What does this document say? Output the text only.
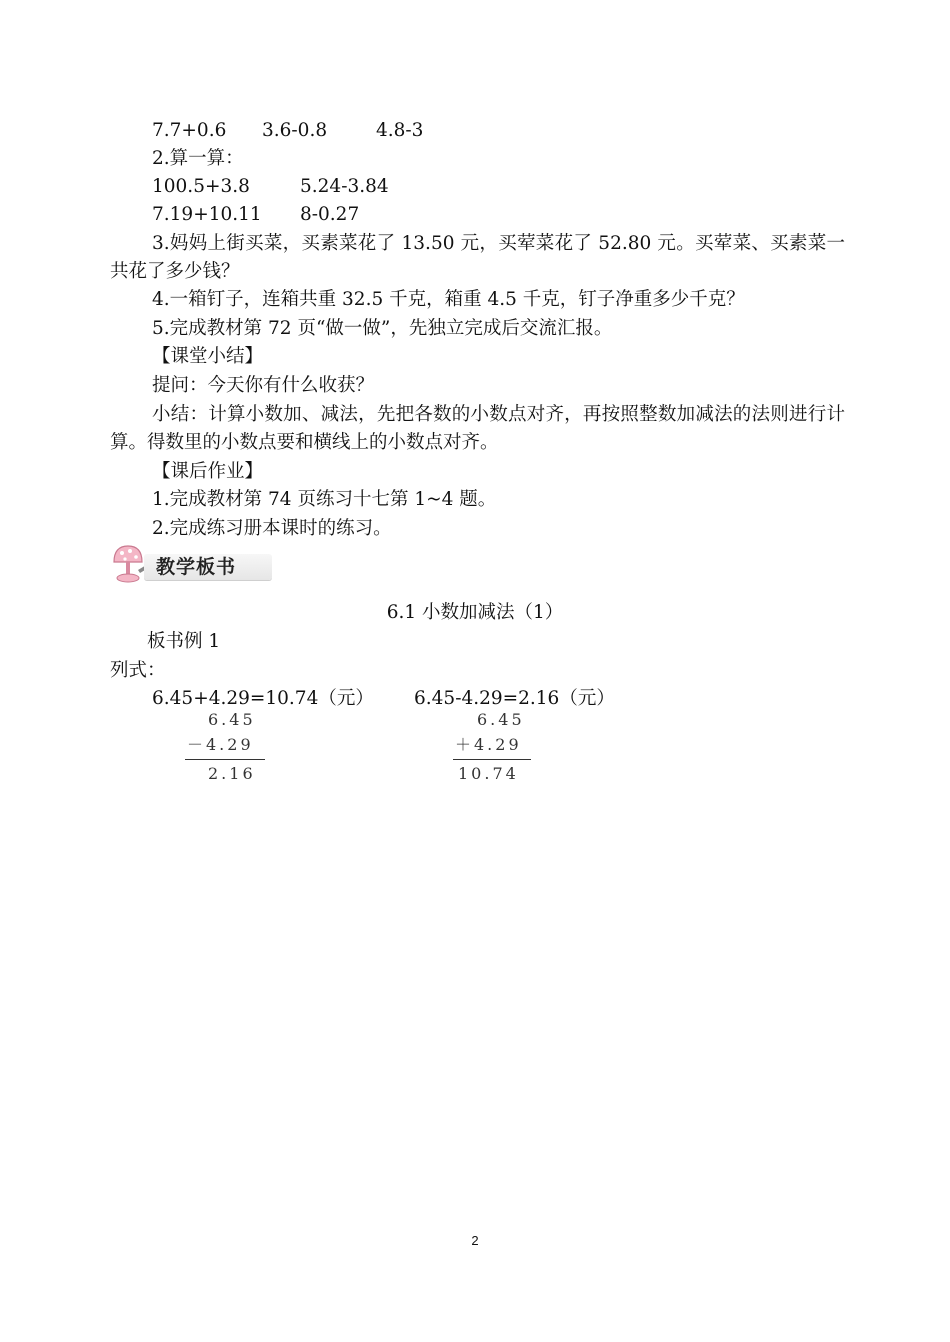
7.7+0.6 3.6-0.8	4.8-3
2.算一算：
100.5+3.8	5.24-3.84
7.19+10.11 8-0.27
3.妈妈上街买菜，买素菜花了 13.50 元，买荤菜花了 52.80 元。买荤菜、买素菜一共花了多少钱？
4.一箱钉子，连箱共重 32.5 千克，箱重 4.5 千克，钉子净重多少千克？
5.完成教材第 72 页“做一做”，先独立完成后交流汇报。
【课堂小结】
提问：今天你有什么收获？
小结：计算小数加、减法，先把各数的小数点对齐，再按照整数加减法的法则进行计算。得数里的小数点要和横线上的小数点对齐。
【课后作业】
1.完成教材第 74 页练习十七第 1~4 题。
2.完成练习册本课时的练习。
教学板书
6.1 小数加减法（1）
板书例 1
列式：
6.45+4.29=10.74（元） 6.45-4.29=2.16（元）
6.45
－4.29
2.16
6.45
＋4.29
10.74
2
